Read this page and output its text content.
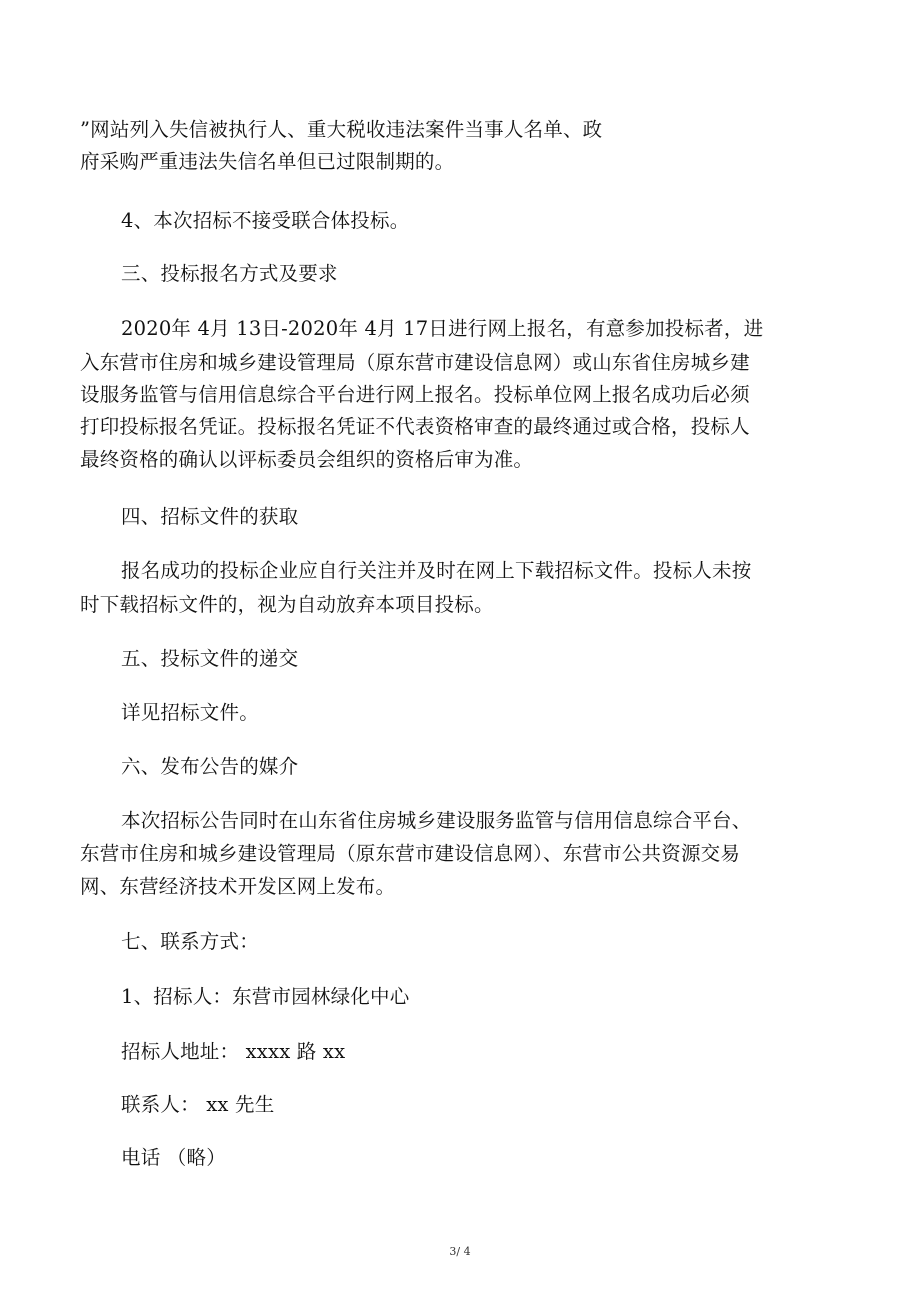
”网站列入失信被执行人、重大税收违法案件当事人名单、政
府采购严重违法失信名单但已过限制期的。
4、本次招标不接受联合体投标。
三、投标报名方式及要求
2020年 4月 13日-2020年 4月 17日进行网上报名，有意参加投标者，进
入东营市住房和城乡建设管理局（原东营市建设信息网）或山东省住房城乡建
设服务监管与信用信息综合平台进行网上报名。投标单位网上报名成功后必须
打印投标报名凭证。投标报名凭证不代表资格审查的最终通过或合格，投标人
最终资格的确认以评标委员会组织的资格后审为准。
四、招标文件的获取
报名成功的投标企业应自行关注并及时在网上下载招标文件。投标人未按
时下载招标文件的，视为自动放弃本项目投标。
五、投标文件的递交
详见招标文件。
六、发布公告的媒介
本次招标公告同时在山东省住房城乡建设服务监管与信用信息综合平台、
东营市住房和城乡建设管理局（原东营市建设信息网）、东营市公共资源交易
网、东营经济技术开发区网上发布。
七、联系方式：
1、招标人：东营市园林绿化中心
招标人地址： xxxx 路 xx
联系人： xx 先生
电话 （略）
3/ 4
